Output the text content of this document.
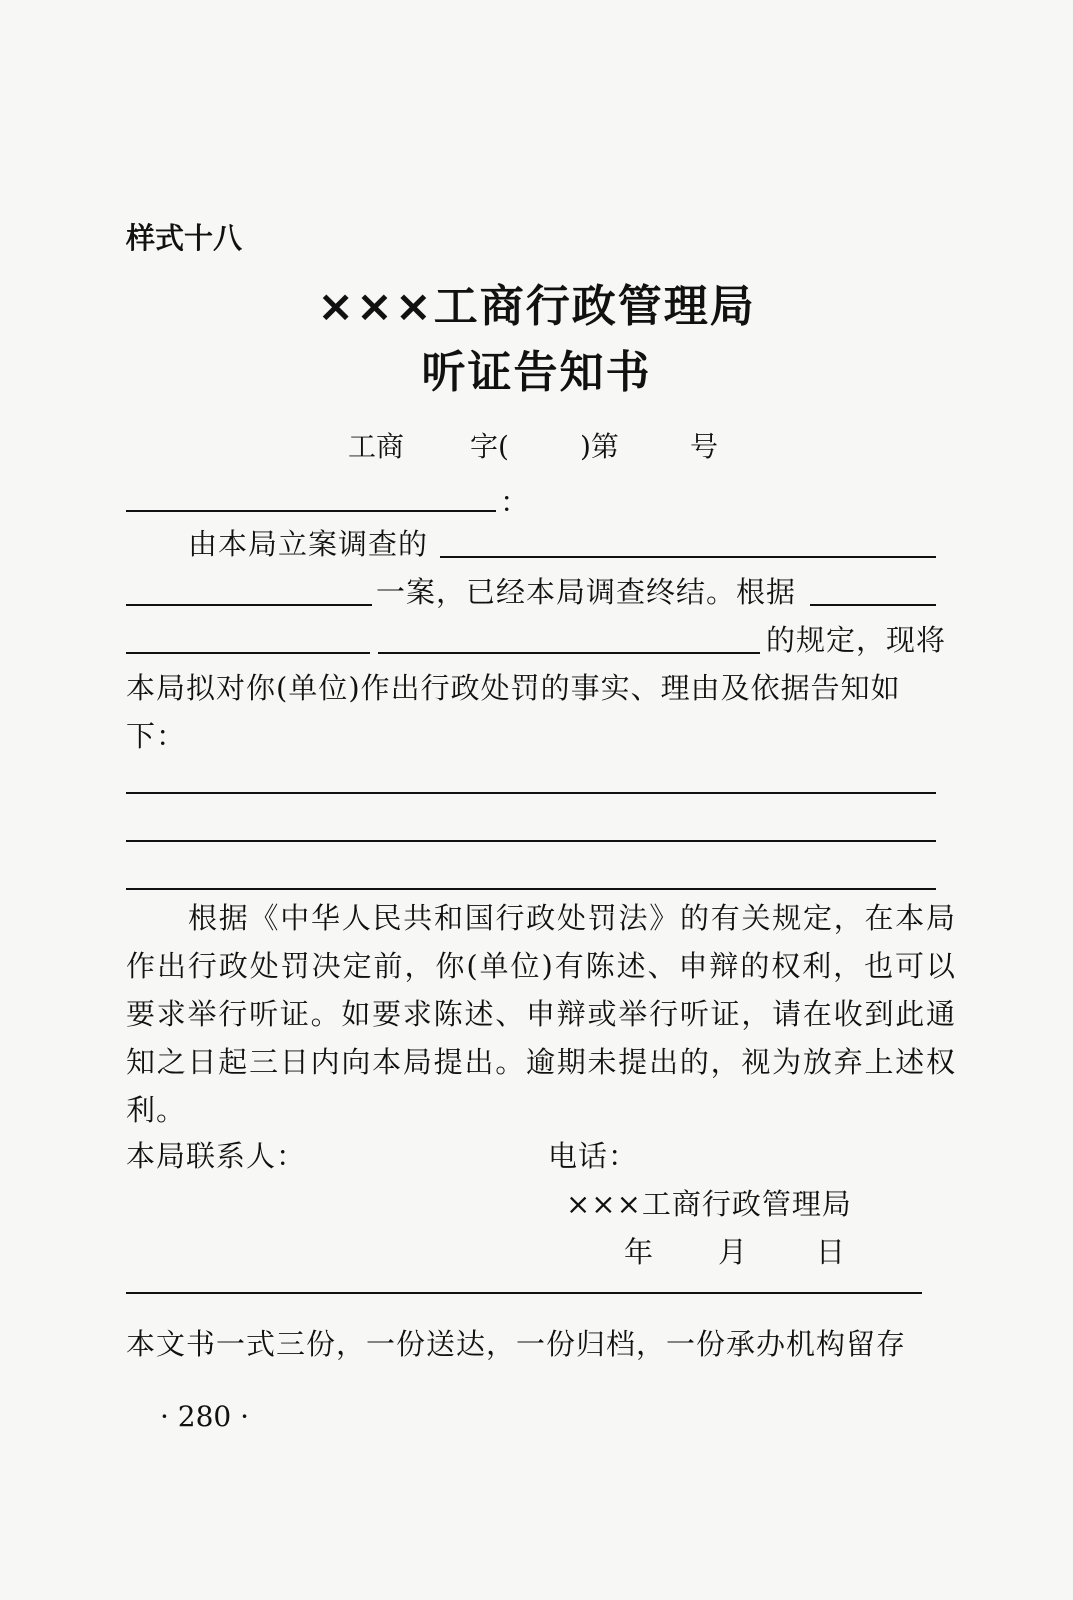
样式十八
×××工商行政管理局
听证告知书
工商 字(	)第	号
：
由本局立案调查的
一案，已经本局调查终结。根据
的规定，现将
本局拟对你(单位)作出行政处罚的事实、理由及依据告知如
下：
根据《中华人民共和国行政处罚法》的有关规定，在本局作出行政处罚决定前，你(单位)有陈述、申辩的权利，也可以要求举行听证。如要求陈述、申辩或举行听证，请在收到此通知之日起三日内向本局提出。逾期未提出的，视为放弃上述权利。
本局联系人：	电话：
×××工商行政管理局
年 月 日
本文书一式三份，一份送达，一份归档，一份承办机构留存
· 280 ·
